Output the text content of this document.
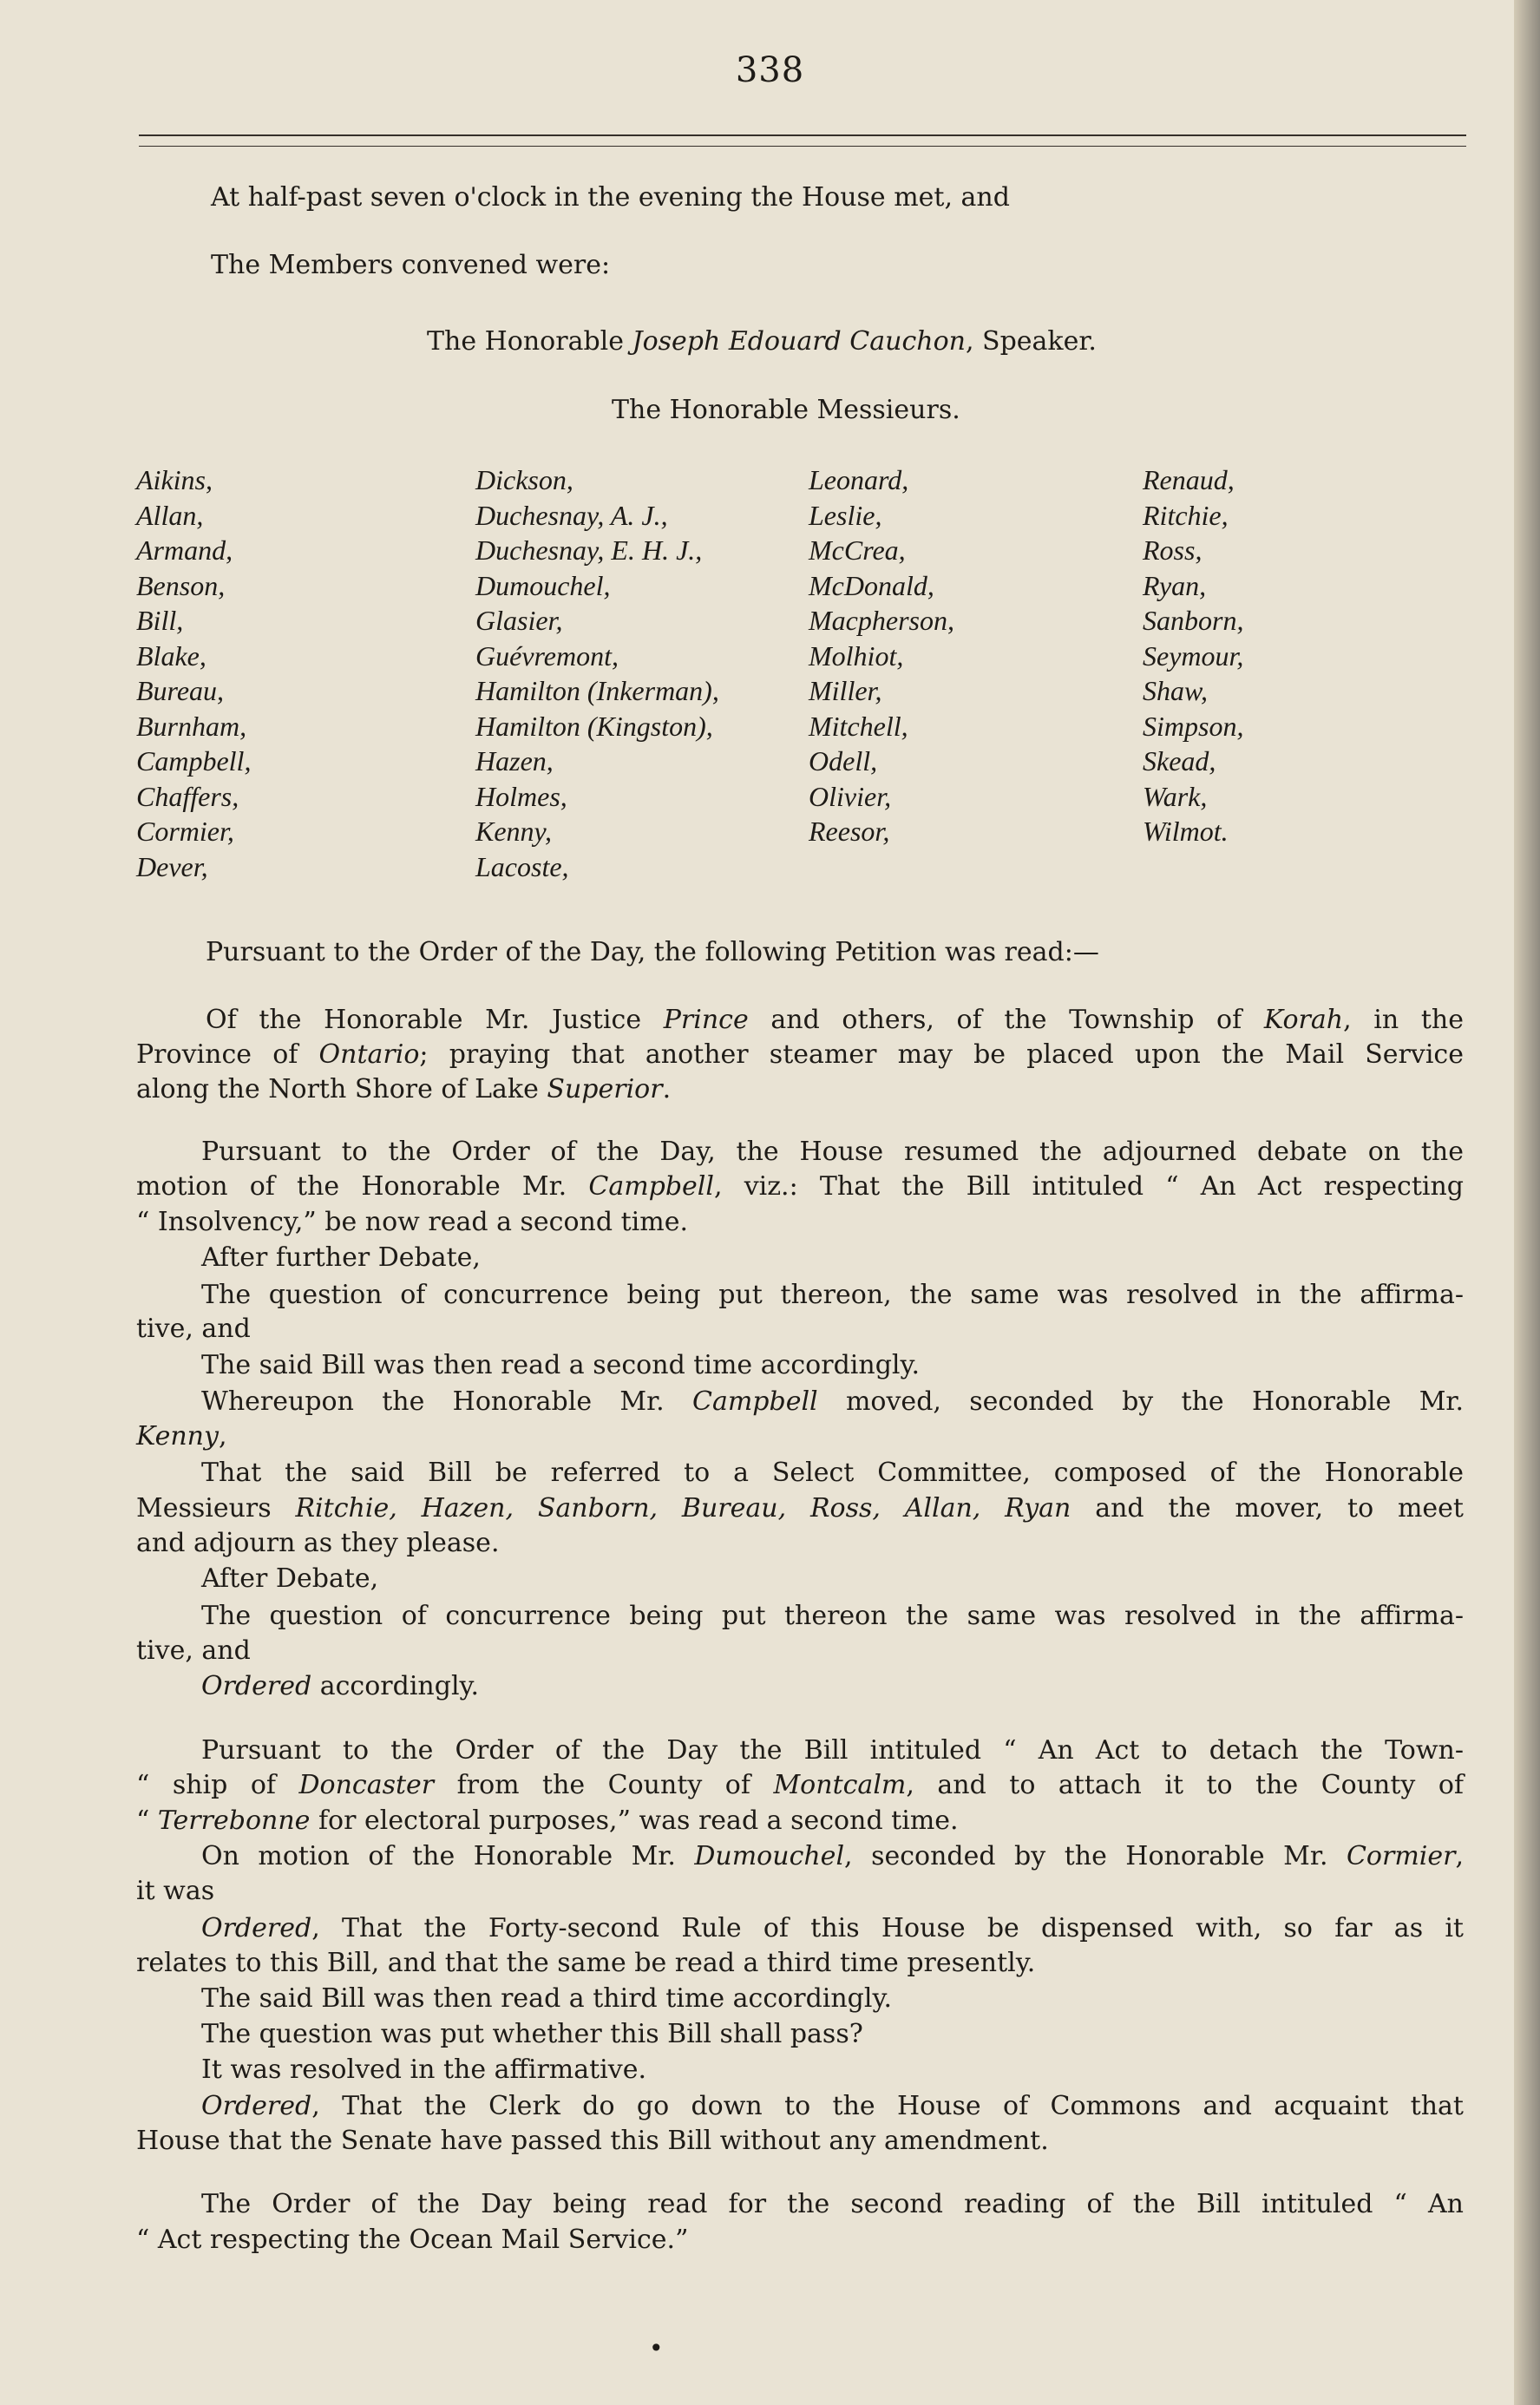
338
At half-past seven o'clock in the evening the House met, and
The Members convened were:
The Honorable Joseph Edouard Cauchon, Speaker.
The Honorable Messieurs.
Aikins,
Allan,
Armand,
Benson,
Bill,
Blake,
Bureau,
Burnham,
Campbell,
Chaffers,
Cormier,
Dever,
Dickson,
Duchesnay, A. J.,
Duchesnay, E. H. J.,
Dumouchel,
Glasier,
Guévremont,
Hamilton (Inkerman),
Hamilton (Kingston),
Hazen,
Holmes,
Kenny,
Lacoste,
Leonard,
Leslie,
McCrea,
McDonald,
Macpherson,
Molhiot,
Miller,
Mitchell,
Odell,
Olivier,
Reesor,
Renaud,
Ritchie,
Ross,
Ryan,
Sanborn,
Seymour,
Shaw,
Simpson,
Skead,
Wark,
Wilmot.
Pursuant to the Order of the Day, the following Petition was read:—
Of the Honorable Mr. Justice Prince and others, of the Township of Korah, in the
Province of Ontario; praying that another steamer may be placed upon the Mail Service
along the North Shore of Lake Superior.
Pursuant to the Order of the Day, the House resumed the adjourned debate on the
motion of the Honorable Mr. Campbell, viz.: That the Bill intituled “ An Act respecting
“ Insolvency,” be now read a second time.
After further Debate,
The question of concurrence being put thereon, the same was resolved in the affirma-
tive, and
The said Bill was then read a second time accordingly.
Whereupon the Honorable Mr. Campbell moved, seconded by the Honorable Mr.
Kenny,
That the said Bill be referred to a Select Committee, composed of the Honorable
Messieurs Ritchie, Hazen, Sanborn, Bureau, Ross, Allan, Ryan and the mover, to meet
and adjourn as they please.
After Debate,
The question of concurrence being put thereon the same was resolved in the affirma-
tive, and
Ordered accordingly.
Pursuant to the Order of the Day the Bill intituled “ An Act to detach the Town-
“ ship of Doncaster from the County of Montcalm, and to attach it to the County of
“ Terrebonne for electoral purposes,” was read a second time.
On motion of the Honorable Mr. Dumouchel, seconded by the Honorable Mr. Cormier,
it was
Ordered, That the Forty-second Rule of this House be dispensed with, so far as it
relates to this Bill, and that the same be read a third time presently.
The said Bill was then read a third time accordingly.
The question was put whether this Bill shall pass?
It was resolved in the affirmative.
Ordered, That the Clerk do go down to the House of Commons and acquaint that
House that the Senate have passed this Bill without any amendment.
The Order of the Day being read for the second reading of the Bill intituled “ An
“ Act respecting the Ocean Mail Service.”
•
